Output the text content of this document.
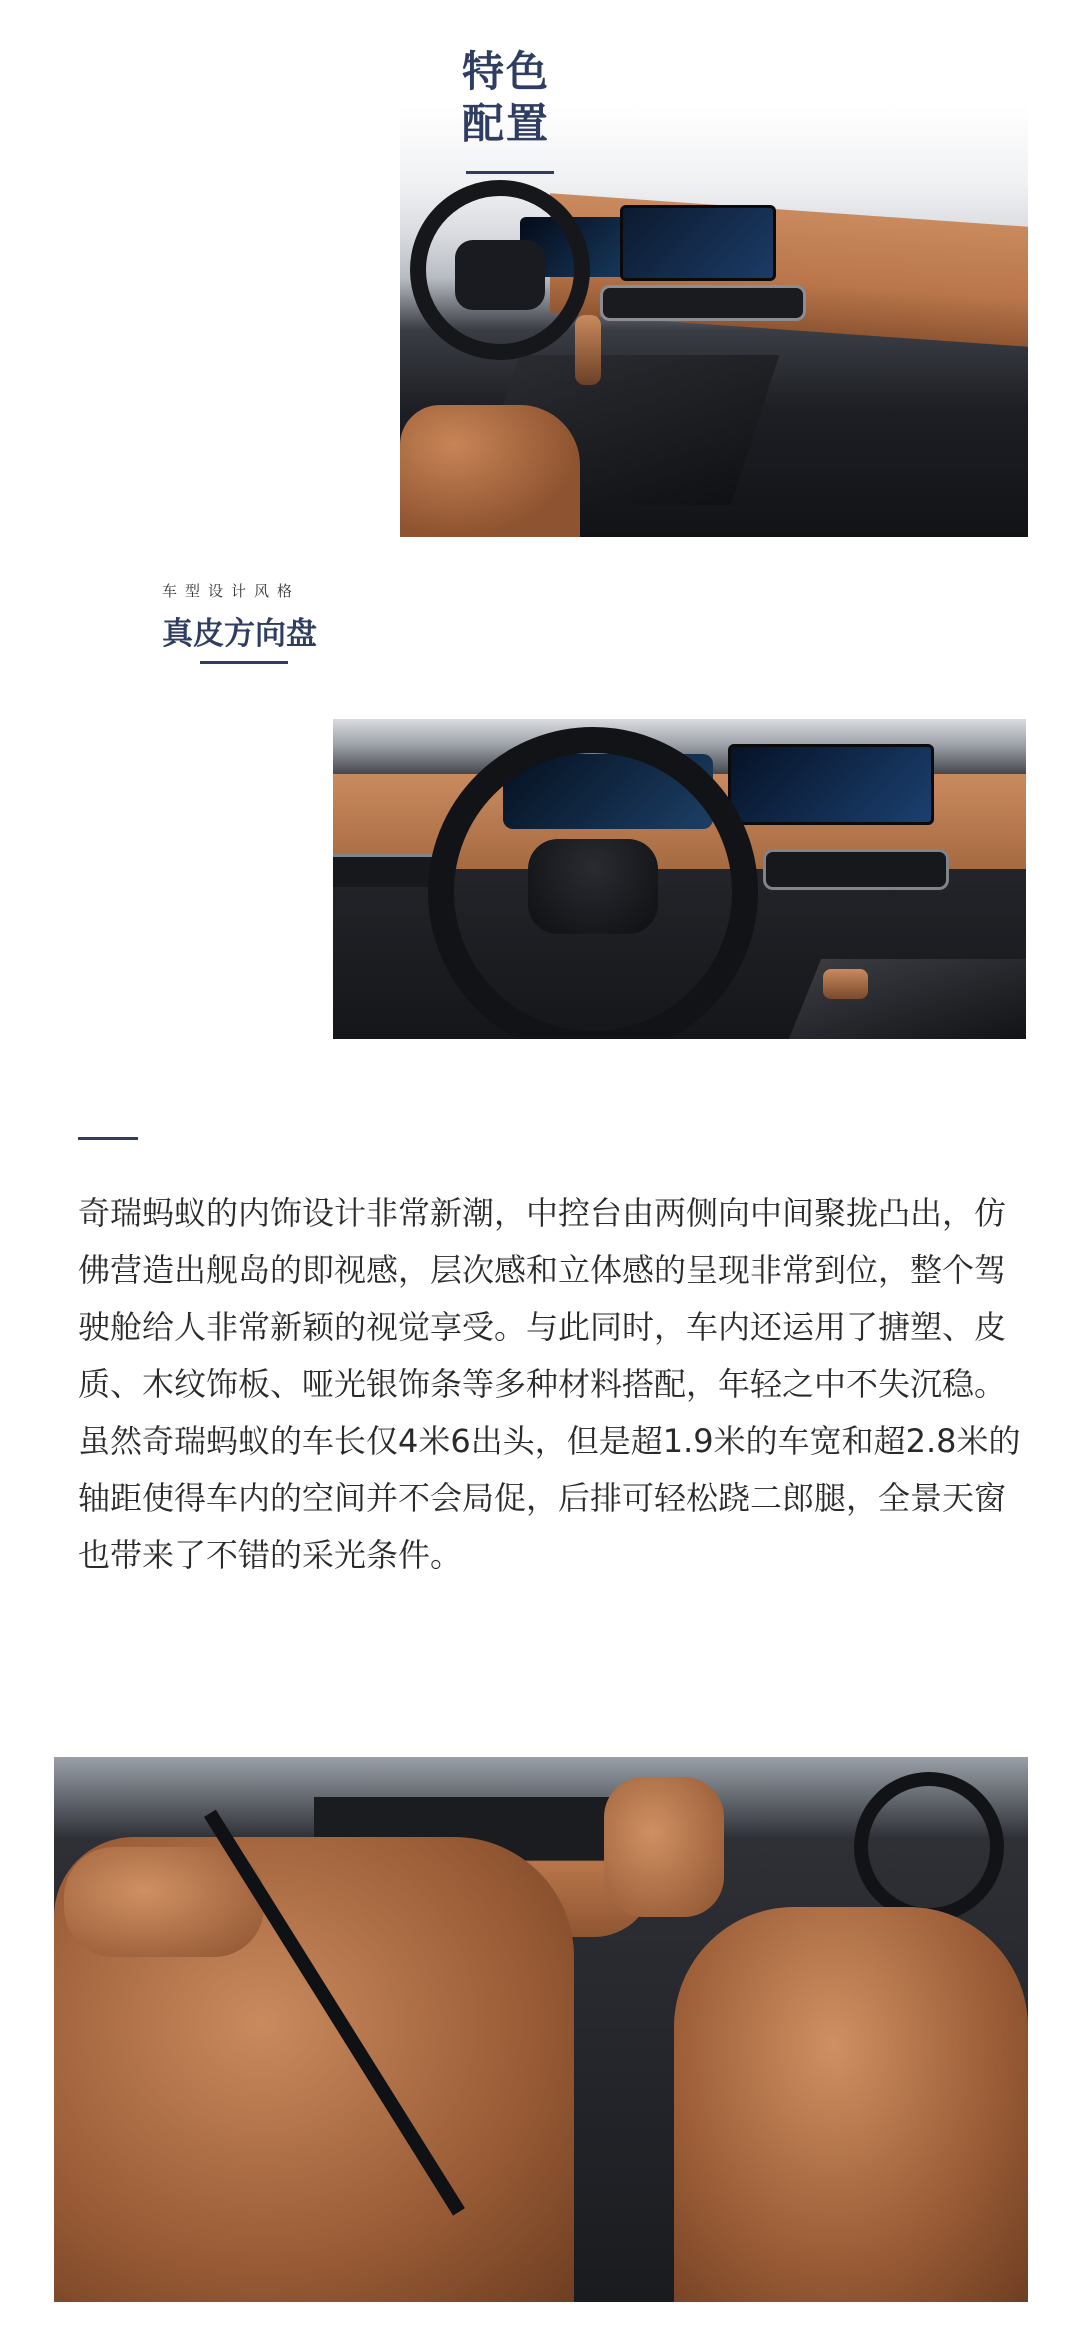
特色
配置
车型设计风格
真皮方向盘

奇瑞蚂蚁的内饰设计非常新潮，中控台由两侧向中间聚拢凸出，仿佛营造出舰岛的即视感，层次感和立体感的呈现非常到位，整个驾驶舱给人非常新颖的视觉享受。与此同时，车内还运用了搪塑、皮质、木纹饰板、哑光银饰条等多种材料搭配，年轻之中不失沉稳。

虽然奇瑞蚂蚁的车长仅4米6出头，但是超1.9米的车宽和超2.8米的轴距使得车内的空间并不会局促，后排可轻松跷二郎腿，全景天窗也带来了不错的采光条件。
